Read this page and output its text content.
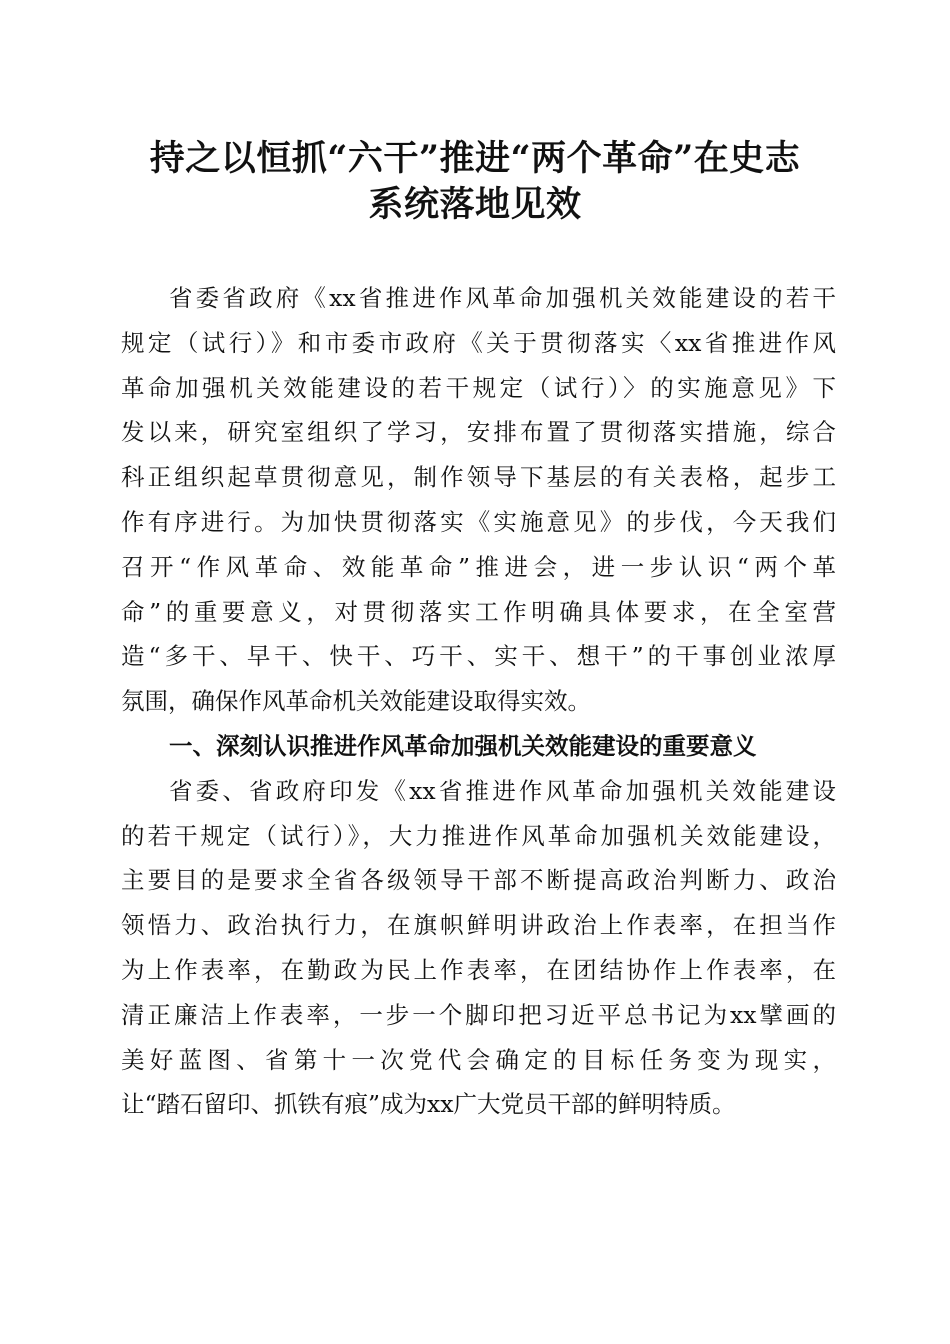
持之以恒抓“六干”推进“两个革命”在史志
系统落地见效
省委省政府《xx省推进作风革命加强机关效能建设的若干
规定（试行）》和市委市政府《关于贯彻落实〈xx省推进作风
革命加强机关效能建设的若干规定（试行）〉的实施意见》下
发以来，研究室组织了学习，安排布置了贯彻落实措施，综合
科正组织起草贯彻意见，制作领导下基层的有关表格，起步工
作有序进行。为加快贯彻落实《实施意见》的步伐，今天我们
召开“作风革命、效能革命”推进会，进一步认识“两个革
命”的重要意义，对贯彻落实工作明确具体要求，在全室营
造“多干、早干、快干、巧干、实干、想干”的干事创业浓厚
氛围，确保作风革命机关效能建设取得实效。
一、深刻认识推进作风革命加强机关效能建设的重要意义
省委、省政府印发《xx省推进作风革命加强机关效能建设
的若干规定（试行）》，大力推进作风革命加强机关效能建设，
主要目的是要求全省各级领导干部不断提高政治判断力、政治
领悟力、政治执行力，在旗帜鲜明讲政治上作表率，在担当作
为上作表率，在勤政为民上作表率，在团结协作上作表率，在
清正廉洁上作表率，一步一个脚印把习近平总书记为xx擘画的
美好蓝图、省第十一次党代会确定的目标任务变为现实，
让“踏石留印、抓铁有痕”成为xx广大党员干部的鲜明特质。
